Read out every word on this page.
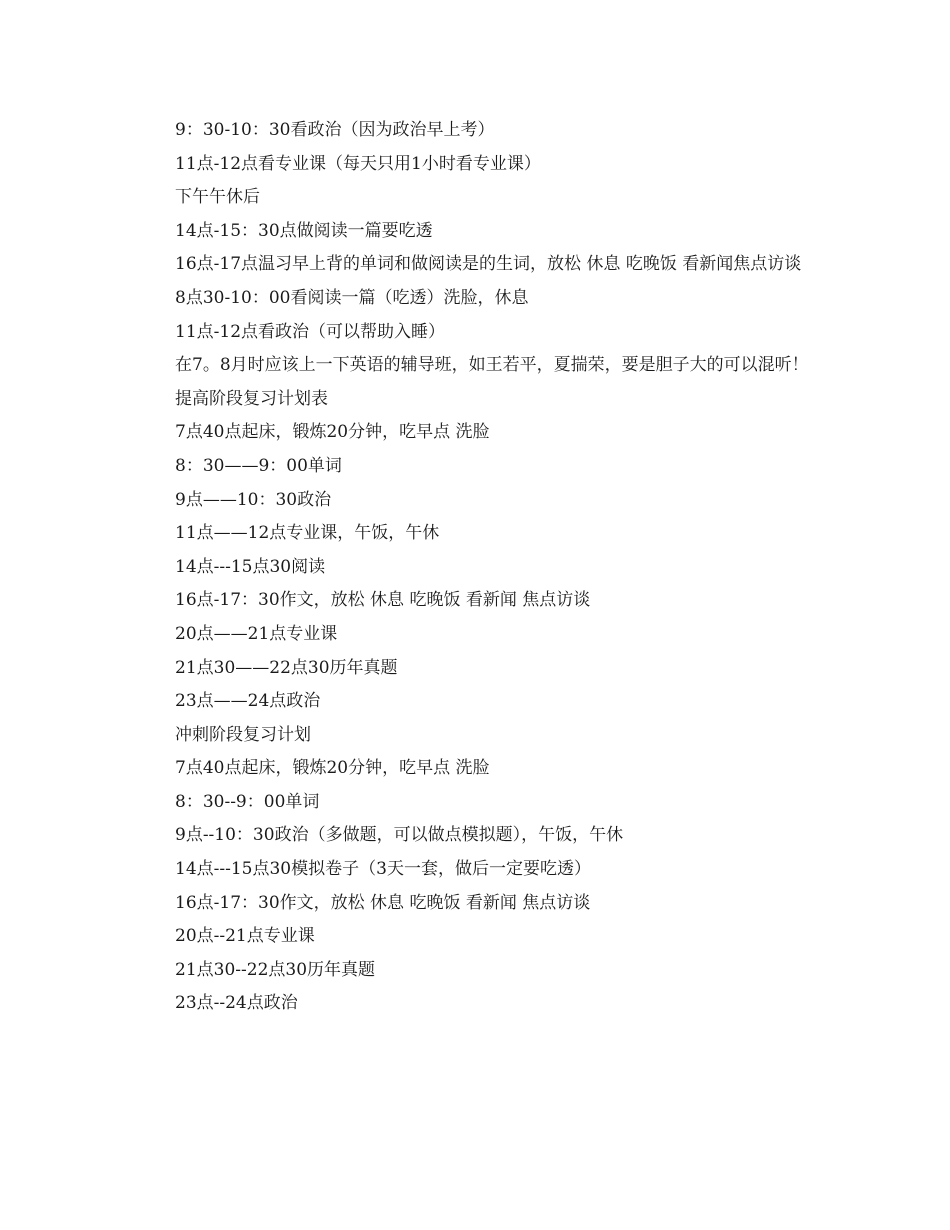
9：30-10：30看政治（因为政治早上考）

11点-12点看专业课（每天只用1小时看专业课）

下午午休后

14点-15：30点做阅读一篇要吃透

16点-17点温习早上背的单词和做阅读是的生词，放松 休息 吃晚饭 看新闻焦点访谈

8点30-10：00看阅读一篇（吃透）洗脸，休息

11点-12点看政治（可以帮助入睡）

在7。8月时应该上一下英语的辅导班，如王若平，夏揣荣，要是胆子大的可以混听！

提高阶段复习计划表

7点40点起床，锻炼20分钟，吃早点 洗脸

8：30——9：00单词

9点——10：30政治

11点——12点专业课，午饭，午休

14点---15点30阅读

16点-17：30作文，放松 休息 吃晚饭 看新闻 焦点访谈

20点——21点专业课

21点30——22点30历年真题

23点——24点政治

冲刺阶段复习计划

7点40点起床，锻炼20分钟，吃早点 洗脸

8：30--9：00单词

9点--10：30政治（多做题，可以做点模拟题），午饭，午休

14点---15点30模拟卷子（3天一套，做后一定要吃透）

16点-17：30作文，放松 休息 吃晚饭 看新闻 焦点访谈

20点--21点专业课

21点30--22点30历年真题

23点--24点政治
